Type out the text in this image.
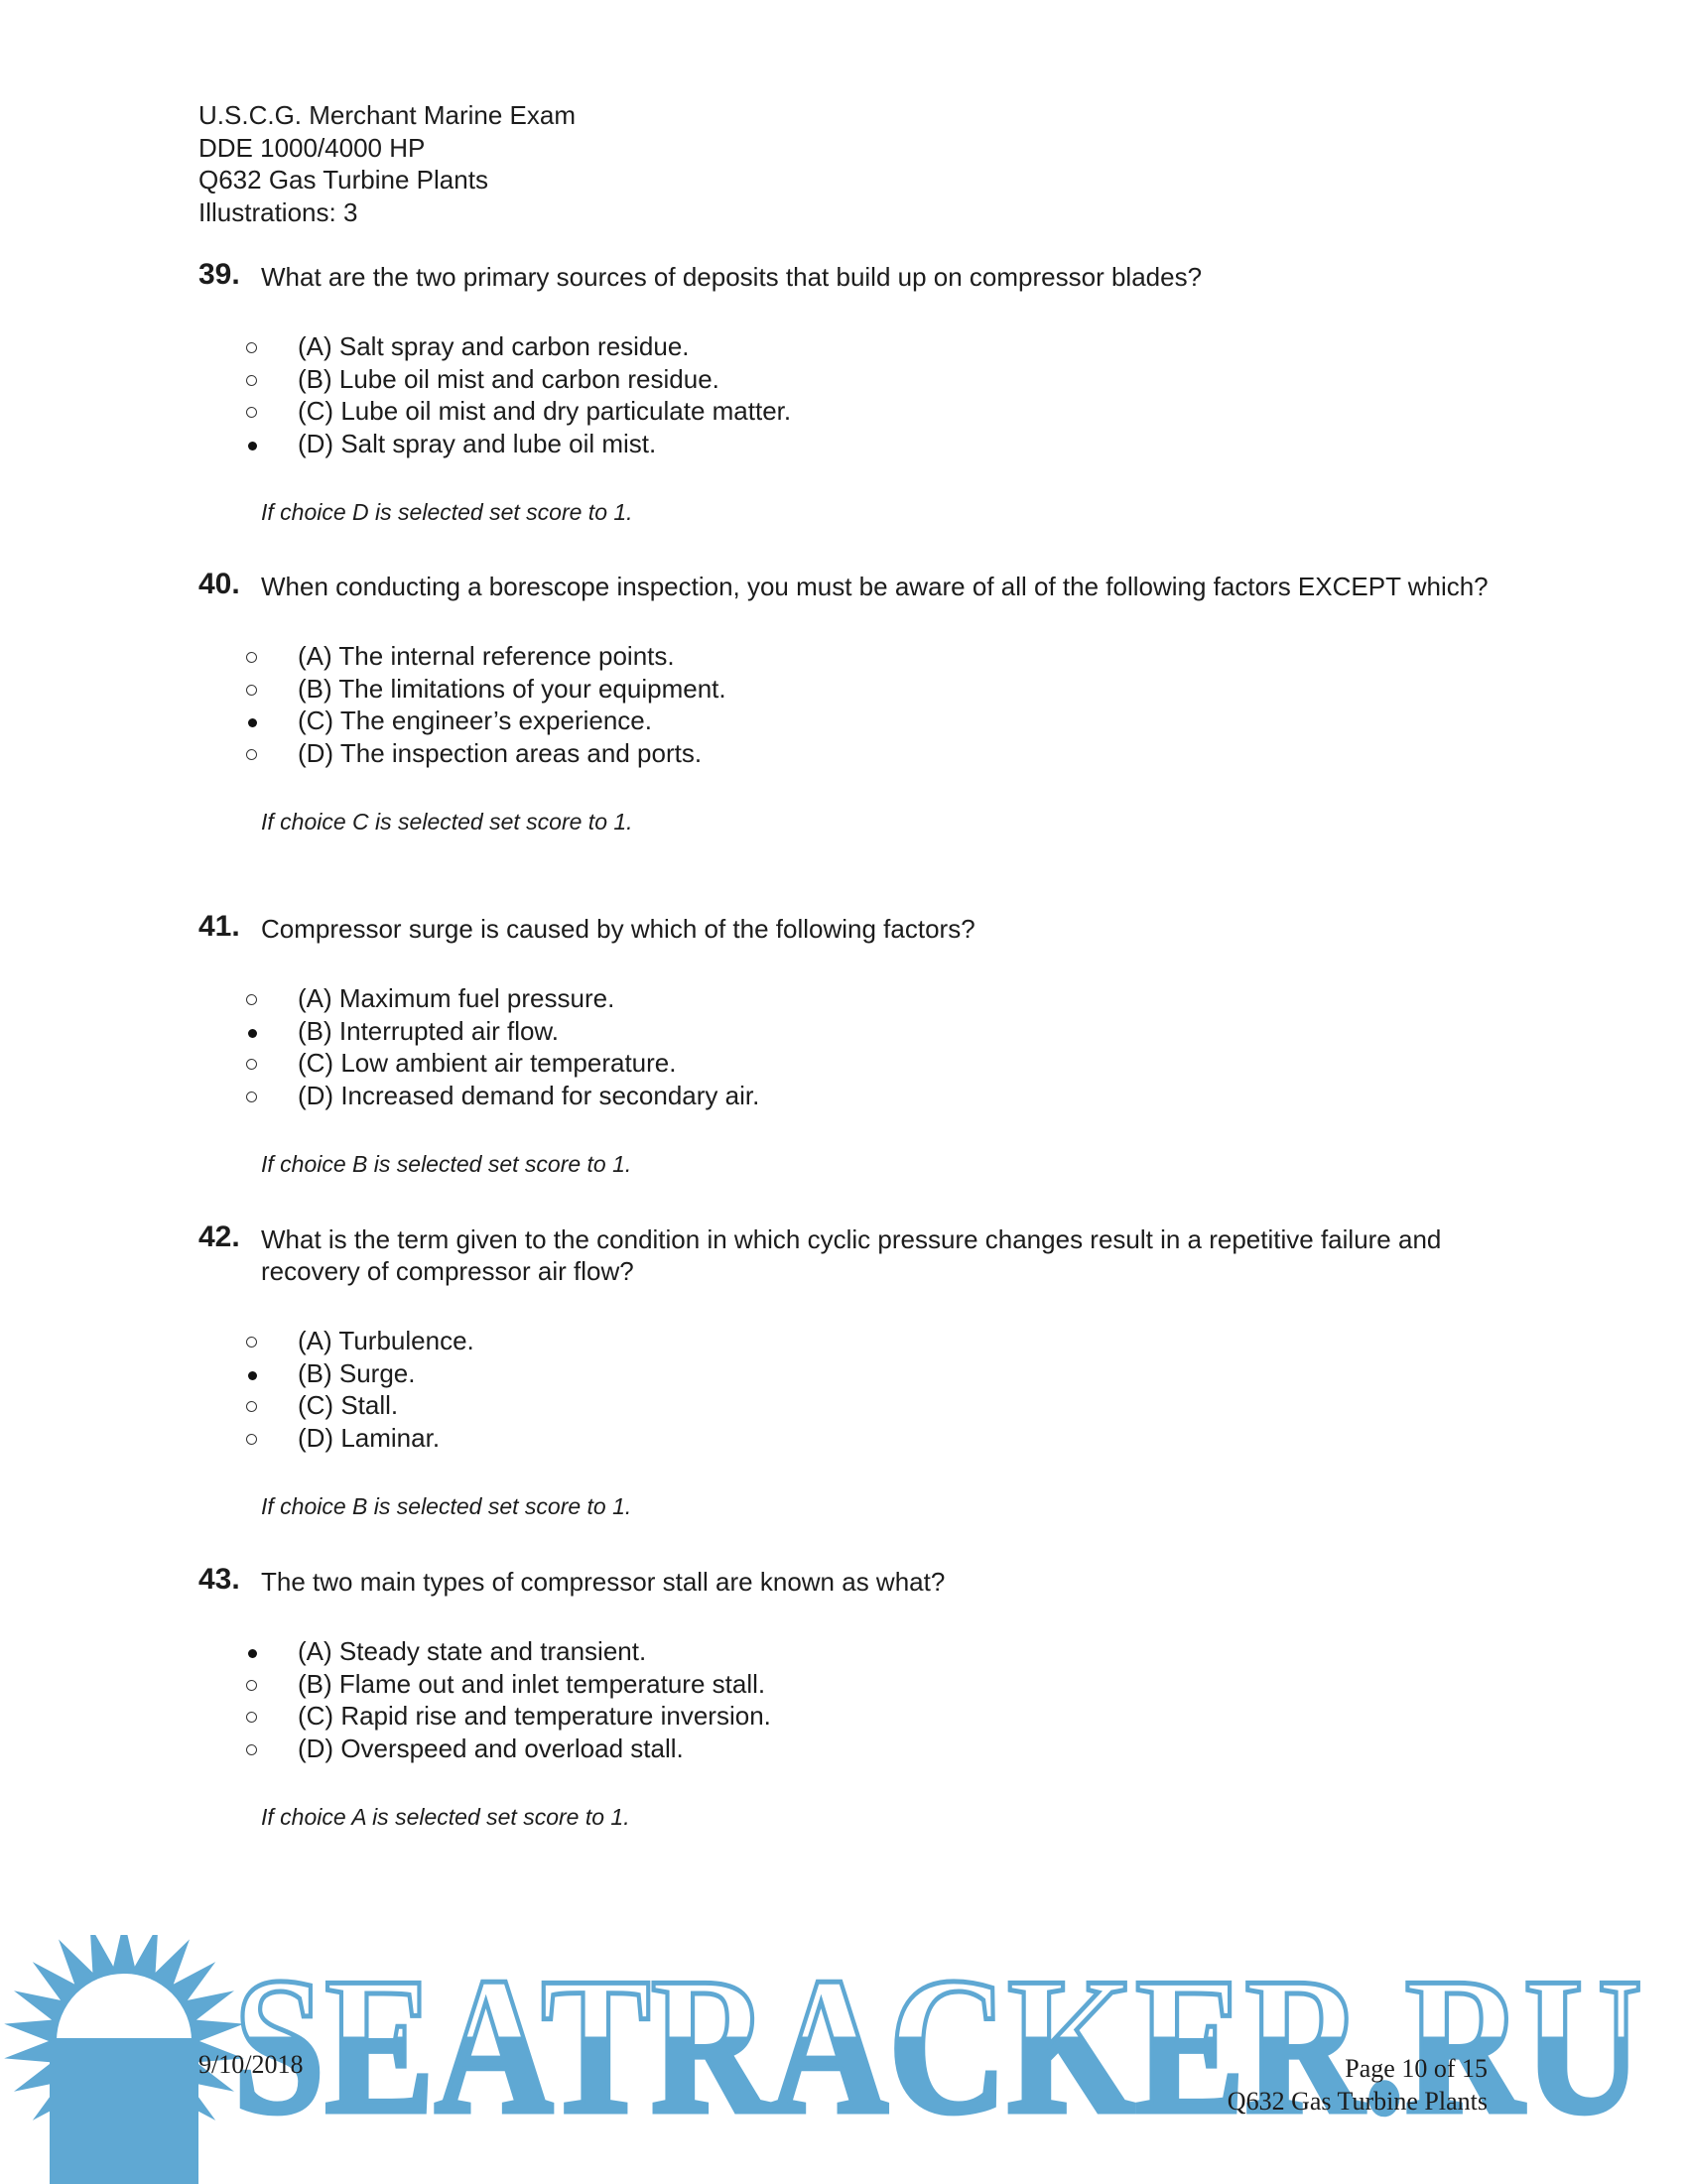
U.S.C.G. Merchant Marine Exam
DDE 1000/4000 HP
Q632 Gas Turbine Plants
Illustrations: 3
39. What are the two primary sources of deposits that build up on compressor blades?
(A) Salt spray and carbon residue.
(B) Lube oil mist and carbon residue.
(C) Lube oil mist and dry particulate matter.
(D) Salt spray and lube oil mist.
If choice D is selected set score to 1.
40. When conducting a borescope inspection, you must be aware of all of the following factors EXCEPT which?
(A) The internal reference points.
(B) The limitations of your equipment.
(C) The engineer’s experience.
(D) The inspection areas and ports.
If choice C is selected set score to 1.
41. Compressor surge is caused by which of the following factors?
(A) Maximum fuel pressure.
(B) Interrupted air flow.
(C) Low ambient air temperature.
(D) Increased demand for secondary air.
If choice B is selected set score to 1.
42. What is the term given to the condition in which cyclic pressure changes result in a repetitive failure and recovery of compressor air flow?
(A) Turbulence.
(B) Surge.
(C) Stall.
(D) Laminar.
If choice B is selected set score to 1.
43. The two main types of compressor stall are known as what?
(A) Steady state and transient.
(B) Flame out and inlet temperature stall.
(C) Rapid rise and temperature inversion.
(D) Overspeed and overload stall.
If choice A is selected set score to 1.
SEATRACKER.RU
9/10/2018	Page 10 of 15
Q632 Gas Turbine Plants
